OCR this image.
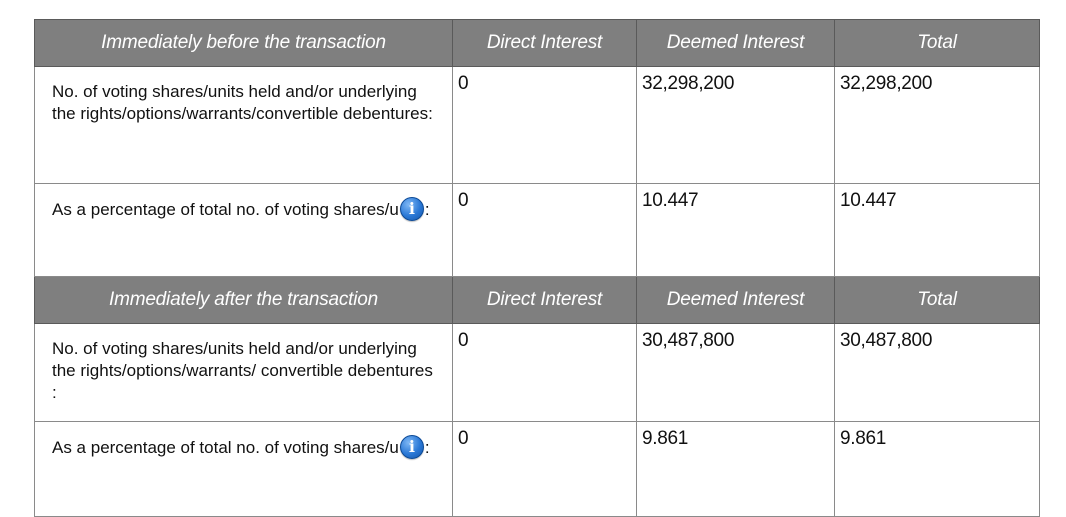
Immediately before the transaction	Direct Interest	Deemed Interest	Total
No. of voting shares/units held and/or underlying the rights/options/warrants/convertible debentures:	0	32,298,200	32,298,200
As a percentage of total no. of voting shares/u i :	0	10.447	10.447
Immediately after the transaction	Direct Interest	Deemed Interest	Total
No. of voting shares/units held and/or underlying the rights/options/warrants/ convertible debentures :	0	30,487,800	30,487,800
As a percentage of total no. of voting shares/u i :	0	9.861	9.861
